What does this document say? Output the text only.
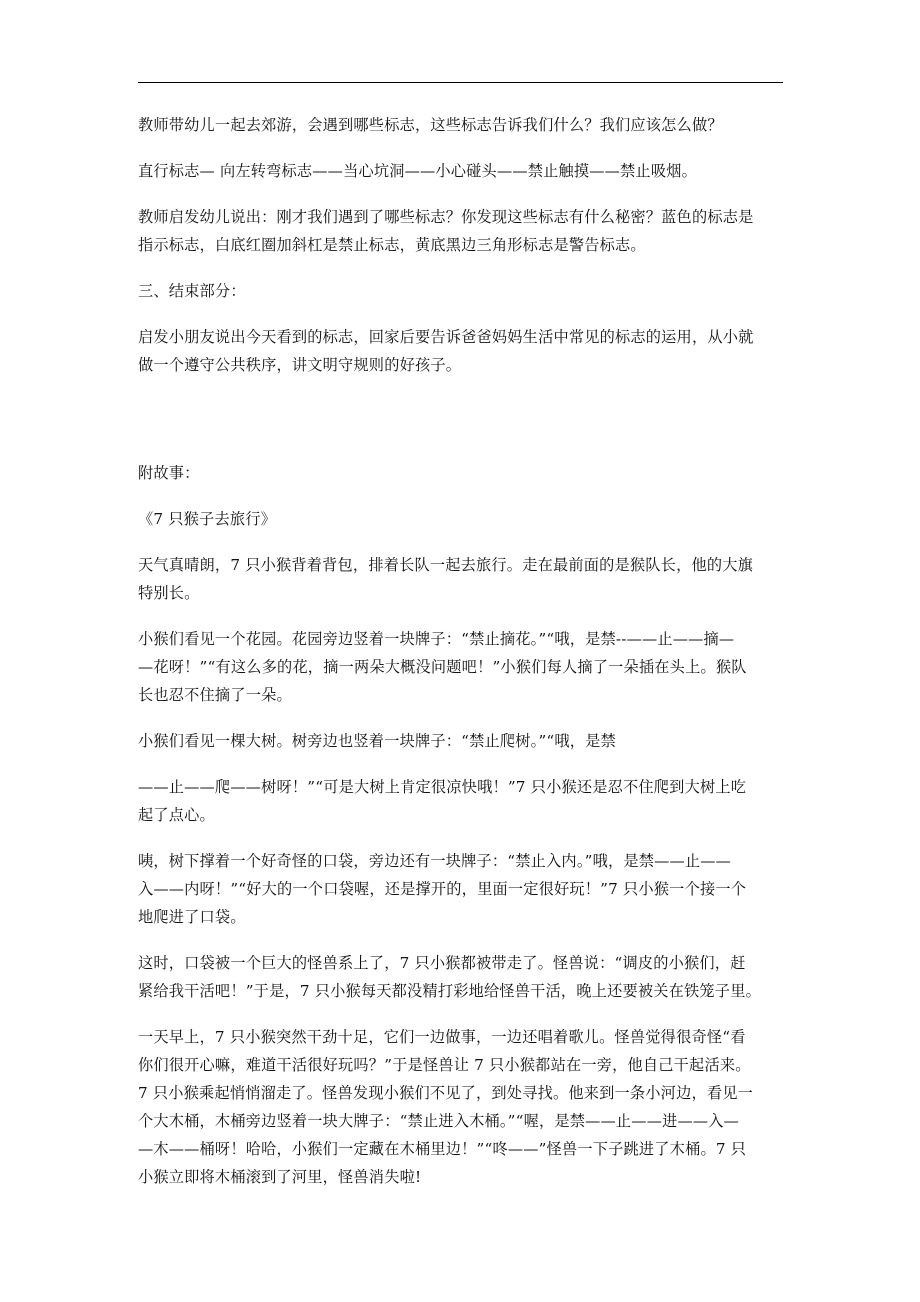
教师带幼儿一起去郊游，会遇到哪些标志，这些标志告诉我们什么？我们应该怎么做？

直行标志— 向左转弯标志——当心坑洞——小心碰头——禁止触摸——禁止吸烟。

教师启发幼儿说出：刚才我们遇到了哪些标志？你发现这些标志有什么秘密？蓝色的标志是

指示标志，白底红圈加斜杠是禁止标志，黄底黑边三角形标志是警告标志。

三、结束部分：

启发小朋友说出今天看到的标志，回家后要告诉爸爸妈妈生活中常见的标志的运用，从小就

做一个遵守公共秩序，讲文明守规则的好孩子。

附故事：

《7 只猴子去旅行》

天气真晴朗，7 只小猴背着背包，排着长队一起去旅行。走在最前面的是猴队长，他的大旗

特别长。

小猴们看见一个花园。花园旁边竖着一块牌子：“禁止摘花。”“哦，是禁--——止——摘—

—花呀！”“有这么多的花，摘一两朵大概没问题吧！”小猴们每人摘了一朵插在头上。猴队

长也忍不住摘了一朵。

小猴们看见一棵大树。树旁边也竖着一块牌子：“禁止爬树。”“哦，是禁

——止——爬——树呀！”“可是大树上肯定很凉快哦！”7 只小猴还是忍不住爬到大树上吃

起了点心。

咦，树下撑着一个好奇怪的口袋，旁边还有一块牌子：“禁止入内。”哦，是禁——止——

入——内呀！”“好大的一个口袋喔，还是撑开的，里面一定很好玩！”7 只小猴一个接一个

地爬进了口袋。

这时，口袋被一个巨大的怪兽系上了，7 只小猴都被带走了。怪兽说：“调皮的小猴们，赶

紧给我干活吧！”于是，7 只小猴每天都没精打彩地给怪兽干活，晚上还要被关在铁笼子里。

一天早上，7 只小猴突然干劲十足，它们一边做事，一边还唱着歌儿。怪兽觉得很奇怪“看

你们很开心嘛，难道干活很好玩吗？”于是怪兽让 7 只小猴都站在一旁，他自己干起活来。

7 只小猴乘起悄悄溜走了。怪兽发现小猴们不见了，到处寻找。他来到一条小河边，看见一

个大木桶，木桶旁边竖着一块大牌子：“禁止进入木桶。”“喔，是禁——止——进——入—

—木——桶呀！哈哈，小猴们一定藏在木桶里边！”“咚——”怪兽一下子跳进了木桶。7 只

小猴立即将木桶滚到了河里，怪兽消失啦!
